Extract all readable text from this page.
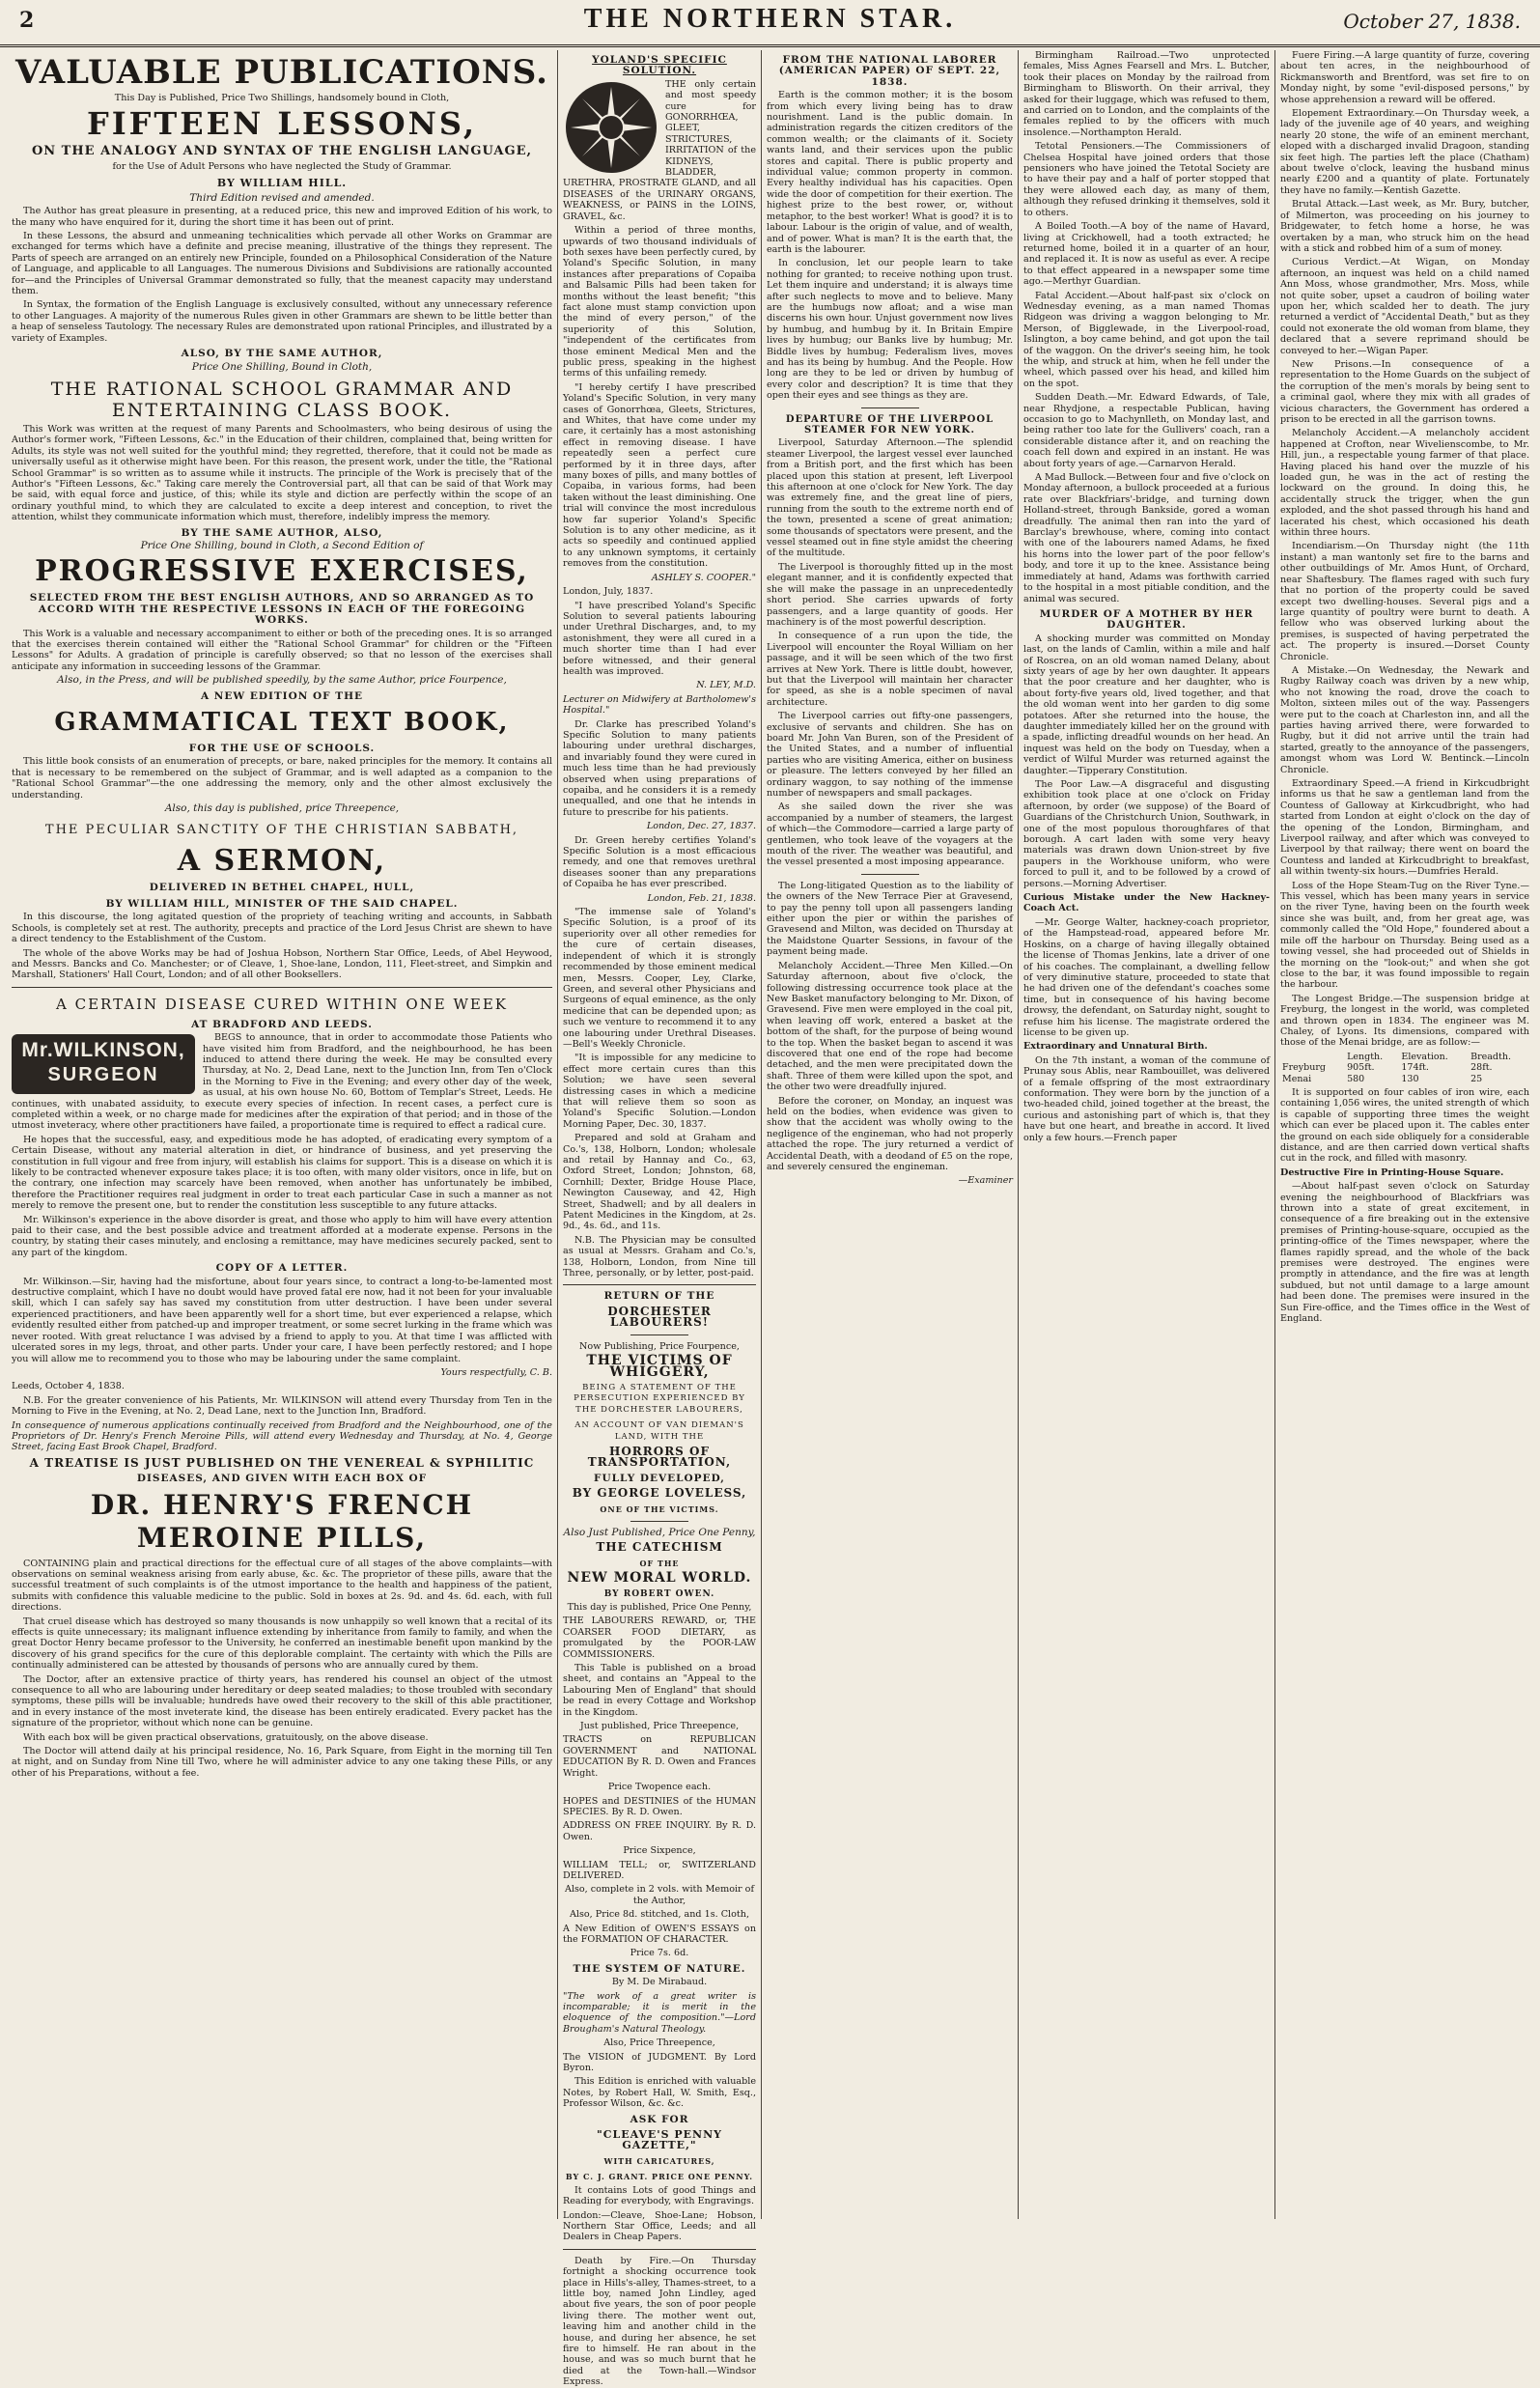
2	THE NORTHERN STAR.	October 27, 1838.
VALUABLE PUBLICATIONS.

This Day is Published, Price Two Shillings, handsomely bound in Cloth,

FIFTEEN LESSONS,
ON THE ANALOGY AND SYNTAX OF THE ENGLISH LANGUAGE,

for the Use of Adult Persons who have neglected the Study of Grammar.

BY WILLIAM HILL.
Third Edition revised and amended.

The Author has great pleasure in presenting, at a reduced price, this new and improved Edition of his work, to the many who have enquired for it, during the short time it has been out of print.

In these Lessons, the absurd and unmeaning technicalities which pervade all other Works on Grammar are exchanged for terms which have a definite and precise meaning, illustrative of the things they represent. The Parts of speech are arranged on an entirely new Principle, founded on a Philosophical Consideration of the Nature of Language, and applicable to all Languages. The numerous Divisions and Subdivisions are rationally accounted for—and the Principles of Universal Grammar demonstrated so fully, that the meanest capacity may understand them.

In Syntax, the formation of the English Language is exclusively consulted, without any unnecessary reference to other Languages. A majority of the numerous Rules given in other Grammars are shewn to be little better than a heap of senseless Tautology. The necessary Rules are demonstrated upon rational Principles, and illustrated by a variety of Examples.

ALSO, BY THE SAME AUTHOR,
Price One Shilling, Bound in Cloth,
THE RATIONAL SCHOOL GRAMMAR AND ENTERTAINING CLASS BOOK.

This Work was written at the request of many Parents and Schoolmasters, who being desirous of using the Author's former work, "Fifteen Lessons, &c." in the Education of their children, complained that, being written for Adults, its style was not well suited for the youthful mind; they regretted, therefore, that it could not be made as universally useful as it otherwise might have been. For this reason, the present work, under the title, the "Rational School Grammar" is so written as to assume while it instructs. The principle of the Work is precisely that of the Author's "Fifteen Lessons, &c." Taking care merely the Controversial part, all that can be said of that Work may be said, with equal force and justice, of this; while its style and diction are perfectly within the scope of an ordinary youthful mind, to which they are calculated to excite a deep interest and conception, to rivet the attention, whilst they communicate information which must, therefore, indelibly impress the memory.

BY THE SAME AUTHOR, ALSO,
Price One Shilling, bound in Cloth, a Second Edition of
PROGRESSIVE EXERCISES,
SELECTED FROM THE BEST ENGLISH AUTHORS, AND SO ARRANGED AS TO ACCORD WITH THE RESPECTIVE LESSONS IN EACH OF THE FOREGOING WORKS.

This Work is a valuable and necessary accompaniment to either or both of the preceding ones. It is so arranged that the exercises therein contained will either the "Rational School Grammar" for children or the "Fifteen Lessons" for Adults. A gradation of principle is carefully observed; so that no lesson of the exercises shall anticipate any information in succeeding lessons of the Grammar.

Also, in the Press, and will be published speedily, by the same Author, price Fourpence,
A NEW EDITION OF THE
GRAMMATICAL TEXT BOOK,
FOR THE USE OF SCHOOLS.

This little book consists of an enumeration of precepts, or bare, naked principles for the memory. It contains all that is necessary to be remembered on the subject of Grammar, and is well adapted as a companion to the "Rational School Grammar"—the one addressing the memory, only and the other almost exclusively the understanding.

Also, this day is published, price Threepence,
THE PECULIAR SANCTITY OF THE CHRISTIAN SABBATH,
A SERMON,
DELIVERED IN BETHEL CHAPEL, HULL,
BY WILLIAM HILL, MINISTER OF THE SAID CHAPEL.

In this discourse, the long agitated question of the propriety of teaching writing and accounts, in Sabbath Schools, is completely set at rest. The authority, precepts and practice of the Lord Jesus Christ are shewn to have a direct tendency to the Establishment of the Custom.

The whole of the above Works may be had of Joshua Hobson, Northern Star Office, Leeds, of Abel Heywood, and Messrs. Bancks and Co. Manchester; or of Cleave, 1, Shoe-lane, London, 111, Fleet-street, and Simpkin and Marshall, Stationers' Hall Court, London; and of all other Booksellers.

A CERTAIN DISEASE CURED WITHIN ONE WEEK
AT BRADFORD AND LEEDS.
Mr.WILKINSON,
SURGEON

BEGS to announce, that in order to accommodate those Patients who have visited him from Bradford, and the neighbourhood, he has been induced to attend there during the week. He may be consulted every Thursday, at No. 2, Dead Lane, next to the Junction Inn, from Ten o'Clock in the Morning to Five in the Evening; and every other day of the week, as usual, at his own house No. 60, Bottom of Templar's Street, Leeds. He continues, with unabated assiduity, to execute every species of infection. In recent cases, a perfect cure is completed within a week, or no charge made for medicines after the expiration of that period; and in those of the utmost inveteracy, where other practitioners have failed, a proportionate time is required to effect a radical cure.

He hopes that the successful, easy, and expeditious mode he has adopted, of eradicating every symptom of a Certain Disease, without any material alteration in diet, or hindrance of business, and yet preserving the constitution in full vigour and free from injury, will establish his claims for support. This is a disease on which it is likely to be contracted whenever exposure takes place; it is too often, with many older visitors, once in life, but on the contrary, one infection may scarcely have been removed, when another has unfortunately be imbibed, therefore the Practitioner requires real judgment in order to treat each particular Case in such a manner as not merely to remove the present one, but to render the constitution less susceptible to any future attacks.

Mr. Wilkinson's experience in the above disorder is great, and those who apply to him will have every attention paid to their case, and the best possible advice and treatment afforded at a moderate expense. Persons in the country, by stating their cases minutely, and enclosing a remittance, may have medicines securely packed, sent to any part of the kingdom.

COPY OF A LETTER.

Mr. Wilkinson.—Sir, having had the misfortune, about four years since, to contract a long-to-be-lamented most destructive complaint, which I have no doubt would have proved fatal ere now, had it not been for your invaluable skill, which I can safely say has saved my constitution from utter destruction. I have been under several experienced practitioners, and have been apparently well for a short time, but ever experienced a relapse, which evidently resulted either from patched-up and improper treatment, or some secret lurking in the frame which was never rooted. With great reluctance I was advised by a friend to apply to you. At that time I was afflicted with ulcerated sores in my legs, throat, and other parts. Under your care, I have been perfectly restored; and I hope you will allow me to recommend you to those who may be labouring under the same complaint.

Yours respectfully, C. B.

Leeds, October 4, 1838.

N.B. For the greater convenience of his Patients, Mr. WILKINSON will attend every Thursday from Ten in the Morning to Five in the Evening, at No. 2, Dead Lane, next to the Junction Inn, Bradford.

In consequence of numerous applications continually received from Bradford and the Neighbourhood, one of the Proprietors of Dr. Henry's French Meroine Pills, will attend every Wednesday and Thursday, at No. 4, George Street, facing East Brook Chapel, Bradford.

A TREATISE IS JUST PUBLISHED ON THE VENEREAL & SYPHILITIC
DISEASES, AND GIVEN WITH EACH BOX OF
DR. HENRY'S FRENCH MEROINE PILLS,

CONTAINING plain and practical directions for the effectual cure of all stages of the above complaints—with observations on seminal weakness arising from early abuse, &c. &c. The proprietor of these pills, aware that the successful treatment of such complaints is of the utmost importance to the health and happiness of the patient, submits with confidence this valuable medicine to the public. Sold in boxes at 2s. 9d. and 4s. 6d. each, with full directions.

That cruel disease which has destroyed so many thousands is now unhappily so well known that a recital of its effects is quite unnecessary; its malignant influence extending by inheritance from family to family, and when the great Doctor Henry became professor to the University, he conferred an inestimable benefit upon mankind by the discovery of his grand specifics for the cure of this deplorable complaint. The certainty with which the Pills are continually administered can be attested by thousands of persons who are annually cured by them.

The Doctor, after an extensive practice of thirty years, has rendered his counsel an object of the utmost consequence to all who are labouring under hereditary or deep seated maladies; to those troubled with secondary symptoms, these pills will be invaluable; hundreds have owed their recovery to the skill of this able practitioner, and in every instance of the most inveterate kind, the disease has been entirely eradicated. Every packet has the signature of the proprietor, without which none can be genuine.

With each box will be given practical observations, gratuitously, on the above disease.

The Doctor will attend daily at his principal residence, No. 16, Park Square, from Eight in the morning till Ten at night, and on Sunday from Nine till Two, where he will administer advice to any one taking these Pills, or any other of his Preparations, without a fee.

YOLAND'S SPECIFIC SOLUTION.

THE only certain and most speedy cure for GONORRHŒA, GLEET, STRICTURES, IRRITATION of the KIDNEYS, BLADDER, URETHRA, PROSTRATE GLAND, and all DISEASES of the URINARY ORGANS, WEAKNESS, or PAINS in the LOINS, GRAVEL, &c.

Within a period of three months, upwards of two thousand individuals of both sexes have been perfectly cured, by Yoland's Specific Solution, in many instances after preparations of Copaiba and Balsamic Pills had been taken for months without the least benefit; "this fact alone must stamp conviction upon the mind of every person," of the superiority of this Solution, "independent of the certificates from those eminent Medical Men and the public press, speaking in the highest terms of this unfailing remedy.

"I hereby certify I have prescribed Yoland's Specific Solution, in very many cases of Gonorrhœa, Gleets, Strictures, and Whites, that have come under my care, it certainly has a most astonishing effect in removing disease. I have repeatedly seen a perfect cure performed by it in three days, after many boxes of pills, and many bottles of Copaiba, in various forms, had been taken without the least diminishing. One trial will convince the most incredulous how far superior Yoland's Specific Solution is to any other medicine, as it acts so speedily and continued applied to any unknown symptoms, it certainly removes from the constitution.

ASHLEY S. COOPER."

London, July, 1837.

"I have prescribed Yoland's Specific Solution to several patients labouring under Urethral Discharges, and, to my astonishment, they were all cured in a much shorter time than I had ever before witnessed, and their general health was improved.

N. LEY, M.D.

Lecturer on Midwifery at Bartholomew's Hospital."

Dr. Clarke has prescribed Yoland's Specific Solution to many patients labouring under urethral discharges, and invariably found they were cured in much less time than he had previously observed when using preparations of copaiba, and he considers it is a remedy unequalled, and one that he intends in future to prescribe for his patients.

London, Dec. 27, 1837.

Dr. Green hereby certifies Yoland's Specific Solution is a most efficacious remedy, and one that removes urethral diseases sooner than any preparations of Copaiba he has ever prescribed.

London, Feb. 21, 1838.

"The immense sale of Yoland's Specific Solution, is a proof of its superiority over all other remedies for the cure of certain diseases, independent of which it is strongly recommended by those eminent medical men, Messrs. Cooper, Ley, Clarke, Green, and several other Physicians and Surgeons of equal eminence, as the only medicine that can be depended upon; as such we venture to recommend it to any one labouring under Urethral Diseases.—Bell's Weekly Chronicle.

"It is impossible for any medicine to effect more certain cures than this Solution; we have seen several distressing cases in which a medicine that will relieve them so soon as Yoland's Specific Solution.—London Morning Paper, Dec. 30, 1837.

Prepared and sold at Graham and Co.'s, 138, Holborn, London; wholesale and retail by Hannay and Co., 63, Oxford Street, London; Johnston, 68, Cornhill; Dexter, Bridge House Place, Newington Causeway, and 42, High Street, Shadwell; and by all dealers in Patent Medicines in the Kingdom, at 2s. 9d., 4s. 6d., and 11s.

N.B. The Physician may be consulted as usual at Messrs. Graham and Co.'s, 138, Holborn, London, from Nine till Three, personally, or by letter, post-paid.

RETURN OF THE
DORCHESTER LABOURERS!

Now Publishing, Price Fourpence,

THE VICTIMS OF WHIGGERY,
BEING A STATEMENT OF THE PERSECUTION EXPERIENCED BY THE DORCHESTER LABOURERS,
AN ACCOUNT OF VAN DIEMAN'S LAND, WITH THE
HORRORS OF TRANSPORTATION,
FULLY DEVELOPED,
BY GEORGE LOVELESS,
ONE OF THE VICTIMS.
Also Just Published, Price One Penny,
THE CATECHISM
OF THE
NEW MORAL WORLD.
BY ROBERT OWEN.

This day is published, Price One Penny,

THE LABOURERS REWARD, or, THE COARSER FOOD DIETARY, as promulgated by the POOR-LAW COMMISSIONERS.

This Table is published on a broad sheet, and contains an "Appeal to the Labouring Men of England" that should be read in every Cottage and Workshop in the Kingdom.

Just published, Price Threepence,

TRACTS on REPUBLICAN GOVERNMENT and NATIONAL EDUCATION By R. D. Owen and Frances Wright.

Price Twopence each.

HOPES and DESTINIES of the HUMAN SPECIES. By R. D. Owen.

ADDRESS ON FREE INQUIRY. By R. D. Owen.

Price Sixpence,

WILLIAM TELL; or, SWITZERLAND DELIVERED.

Also, complete in 2 vols. with Memoir of the Author,

Also, Price 8d. stitched, and 1s. Cloth,

A New Edition of OWEN'S ESSAYS on the FORMATION OF CHARACTER.

Price 7s. 6d.

THE SYSTEM OF NATURE.

By M. De Mirabaud.

"The work of a great writer is incomparable; it is merit in the eloquence of the composition."—Lord Brougham's Natural Theology.

Also, Price Threepence,

The VISION of JUDGMENT. By Lord Byron.

This Edition is enriched with valuable Notes, by Robert Hall, W. Smith, Esq., Professor Wilson, &c. &c.

ASK FOR
"CLEAVE'S PENNY GAZETTE,"
WITH CARICATURES,
BY C. J. GRANT. PRICE ONE PENNY.

It contains Lots of good Things and Reading for everybody, with Engravings.

London:—Cleave, Shoe-Lane; Hobson, Northern Star Office, Leeds; and all Dealers in Cheap Papers.

Death by Fire.—On Thursday fortnight a shocking occurrence took place in Hills's-alley, Thames-street, to a little boy, named John Lindley, aged about five years, the son of poor people living there. The mother went out, leaving him and another child in the house, and during her absence, he set fire to himself. He ran about in the house, and was so much burnt that he died at the Town-hall.—Windsor Express.

FROM THE NATIONAL LABORER (AMERICAN PAPER) OF SEPT. 22, 1838.

Earth is the common mother; it is the bosom from which every living being has to draw nourishment. Land is the public domain. In administration regards the citizen creditors of the common wealth; or the claimants of it. Society wants land, and their services upon the public stores and capital. There is public property and individual value; common property in common. Every healthy individual has his capacities. Open wide the door of competition for their exertion. The highest prize to the best rower, or, without metaphor, to the best worker! What is good? it is to labour. Labour is the origin of value, and of wealth, and of power. What is man? It is the earth that, the earth is the labourer.

In conclusion, let our people learn to take nothing for granted; to receive nothing upon trust. Let them inquire and understand; it is always time after such neglects to move and to believe. Many are the humbugs now afloat; and a wise man discerns his own hour. Unjust government now lives by humbug, and humbug by it. In Britain Empire lives by humbug; our Banks live by humbug; Mr. Biddle lives by humbug; Federalism lives, moves and has its being by humbug. And the People. How long are they to be led or driven by humbug of every color and description? It is time that they open their eyes and see things as they are.

DEPARTURE OF THE LIVERPOOL STEAMER FOR NEW YORK.

Liverpool, Saturday Afternoon.—The splendid steamer Liverpool, the largest vessel ever launched from a British port, and the first which has been placed upon this station at present, left Liverpool this afternoon at one o'clock for New York. The day was extremely fine, and the great line of piers, running from the south to the extreme north end of the town, presented a scene of great animation; some thousands of spectators were present, and the vessel steamed out in fine style amidst the cheering of the multitude.

The Liverpool is thoroughly fitted up in the most elegant manner, and it is confidently expected that she will make the passage in an unprecedentedly short period. She carries upwards of forty passengers, and a large quantity of goods. Her machinery is of the most powerful description.

In consequence of a run upon the tide, the Liverpool will encounter the Royal William on her passage, and it will be seen which of the two first arrives at New York. There is little doubt, however, but that the Liverpool will maintain her character for speed, as she is a noble specimen of naval architecture.

The Liverpool carries out fifty-one passengers, exclusive of servants and children. She has on board Mr. John Van Buren, son of the President of the United States, and a number of influential parties who are visiting America, either on business or pleasure. The letters conveyed by her filled an ordinary waggon, to say nothing of the immense number of newspapers and small packages.

As she sailed down the river she was accompanied by a number of steamers, the largest of which—the Commodore—carried a large party of gentlemen, who took leave of the voyagers at the mouth of the river. The weather was beautiful, and the vessel presented a most imposing appearance.

The Long-litigated Question as to the liability of the owners of the New Terrace Pier at Gravesend, to pay the penny toll upon all passengers landing either upon the pier or within the parishes of Gravesend and Milton, was decided on Thursday at the Maidstone Quarter Sessions, in favour of the payment being made.

Melancholy Accident.—Three Men Killed.—On Saturday afternoon, about five o'clock, the following distressing occurrence took place at the New Basket manufactory belonging to Mr. Dixon, of Gravesend. Five men were employed in the coal pit, when leaving off work, entered a basket at the bottom of the shaft, for the purpose of being wound to the top. When the basket began to ascend it was discovered that one end of the rope had become detached, and the men were precipitated down the shaft. Three of them were killed upon the spot, and the other two were dreadfully injured.

Before the coroner, on Monday, an inquest was held on the bodies, when evidence was given to show that the accident was wholly owing to the negligence of the engineman, who had not properly attached the rope. The jury returned a verdict of Accidental Death, with a deodand of £5 on the rope, and severely censured the engineman.

—Examiner

Birmingham Railroad.—Two unprotected females, Miss Agnes Fearsell and Mrs. L. Butcher, took their places on Monday by the railroad from Birmingham to Blisworth. On their arrival, they asked for their luggage, which was refused to them, and carried on to London, and the complaints of the females replied to by the officers with much insolence.—Northampton Herald.

Tetotal Pensioners.—The Commissioners of Chelsea Hospital have joined orders that those pensioners who have joined the Tetotal Society are to have their pay and a half of porter stopped that they were allowed each day, as many of them, although they refused drinking it themselves, sold it to others.

A Boiled Tooth.—A boy of the name of Havard, living at Crickhowell, had a tooth extracted; he returned home, boiled it in a quarter of an hour, and replaced it. It is now as useful as ever. A recipe to that effect appeared in a newspaper some time ago.—Merthyr Guardian.

Fatal Accident.—About half-past six o'clock on Wednesday evening, as a man named Thomas Ridgeon was driving a waggon belonging to Mr. Merson, of Bigglewade, in the Liverpool-road, Islington, a boy came behind, and got upon the tail of the waggon. On the driver's seeing him, he took the whip, and struck at him, when he fell under the wheel, which passed over his head, and killed him on the spot.

Sudden Death.—Mr. Edward Edwards, of Tale, near Rhydjone, a respectable Publican, having occasion to go to Machynlleth, on Monday last, and being rather too late for the Gullivers' coach, ran a considerable distance after it, and on reaching the coach fell down and expired in an instant. He was about forty years of age.—Carnarvon Herald.

A Mad Bullock.—Between four and five o'clock on Monday afternoon, a bullock proceeded at a furious rate over Blackfriars'-bridge, and turning down Holland-street, through Bankside, gored a woman dreadfully. The animal then ran into the yard of Barclay's brewhouse, where, coming into contact with one of the labourers named Adams, he fixed his horns into the lower part of the poor fellow's body, and tore it up to the knee. Assistance being immediately at hand, Adams was forthwith carried to the hospital in a most pitiable condition, and the animal was secured.

MURDER OF A MOTHER BY HER DAUGHTER.

A shocking murder was committed on Monday last, on the lands of Camlin, within a mile and half of Roscrea, on an old woman named Delany, about sixty years of age by her own daughter. It appears that the poor creature and her daughter, who is about forty-five years old, lived together, and that the old woman went into her garden to dig some potatoes. After she returned into the house, the daughter immediately killed her on the ground with a spade, inflicting dreadful wounds on her head. An inquest was held on the body on Tuesday, when a verdict of Wilful Murder was returned against the daughter.—Tipperary Constitution.

The Poor Law.—A disgraceful and disgusting exhibition took place at one o'clock on Friday afternoon, by order (we suppose) of the Board of Guardians of the Christchurch Union, Southwark, in one of the most populous thoroughfares of that borough. A cart laden with some very heavy materials was drawn down Union-street by five paupers in the Workhouse uniform, who were forced to pull it, and to be followed by a crowd of persons.—Morning Advertiser.

Curious Mistake under the New Hackney-Coach Act.

—Mr. George Walter, hackney-coach proprietor, of the Hampstead-road, appeared before Mr. Hoskins, on a charge of having illegally obtained the license of Thomas Jenkins, late a driver of one of his coaches. The complainant, a dwelling fellow of very diminutive stature, proceeded to state that he had driven one of the defendant's coaches some time, but in consequence of his having become drowsy, the defendant, on Saturday night, sought to refuse him his license. The magistrate ordered the license to be given up.

Extraordinary and Unnatural Birth.

On the 7th instant, a woman of the commune of Prunay sous Ablis, near Rambouillet, was delivered of a female offspring of the most extraordinary conformation. They were born by the junction of a two-headed child, joined together at the breast, the curious and astonishing part of which is, that they have but one heart, and breathe in accord. It lived only a few hours.—French paper

Fuere Firing.—A large quantity of furze, covering about ten acres, in the neighbourhood of Rickmansworth and Brentford, was set fire to on Monday night, by some "evil-disposed persons," by whose apprehension a reward will be offered.

Elopement Extraordinary.—On Thursday week, a lady of the juvenile age of 40 years, and weighing nearly 20 stone, the wife of an eminent merchant, eloped with a discharged invalid Dragoon, standing six feet high. The parties left the place (Chatham) about twelve o'clock, leaving the husband minus nearly £200 and a quantity of plate. Fortunately they have no family.—Kentish Gazette.

Brutal Attack.—Last week, as Mr. Bury, butcher, of Milmerton, was proceeding on his journey to Bridgewater, to fetch home a horse, he was overtaken by a man, who struck him on the head with a stick and robbed him of a sum of money.

Curious Verdict.—At Wigan, on Monday afternoon, an inquest was held on a child named Ann Moss, whose grandmother, Mrs. Moss, while not quite sober, upset a caudron of boiling water upon her, which scalded her to death. The jury returned a verdict of "Accidental Death," but as they could not exonerate the old woman from blame, they declared that a severe reprimand should be conveyed to her.—Wigan Paper.

New Prisons.—In consequence of a representation to the Home Guards on the subject of the corruption of the men's morals by being sent to a criminal gaol, where they mix with all grades of vicious characters, the Government has ordered a prison to be erected in all the garrison towns.

Melancholy Accident.—A melancholy accident happened at Crofton, near Wivelienscombe, to Mr. Hill, jun., a respectable young farmer of that place. Having placed his hand over the muzzle of his loaded gun, he was in the act of resting the lockward on the ground. In doing this, he accidentally struck the trigger, when the gun exploded, and the shot passed through his hand and lacerated his chest, which occasioned his death within three hours.

Incendiarism.—On Thursday night (the 11th instant) a man wantonly set fire to the barns and other outbuildings of Mr. Amos Hunt, of Orchard, near Shaftesbury. The flames raged with such fury that no portion of the property could be saved except two dwelling-houses. Several pigs and a large quantity of poultry were burnt to death. A fellow who was observed lurking about the premises, is suspected of having perpetrated the act. The property is insured.—Dorset County Chronicle.

A Mistake.—On Wednesday, the Newark and Rugby Railway coach was driven by a new whip, who not knowing the road, drove the coach to Molton, sixteen miles out of the way. Passengers were put to the coach at Charleston inn, and all the parties having arrived there, were forwarded to Rugby, but it did not arrive until the train had started, greatly to the annoyance of the passengers, amongst whom was Lord W. Bentinck.—Lincoln Chronicle.

Extraordinary Speed.—A friend in Kirkcudbright informs us that he saw a gentleman land from the Countess of Galloway at Kirkcudbright, who had started from London at eight o'clock on the day of the opening of the London, Birmingham, and Liverpool railway, and after which was conveyed to Liverpool by that railway; there went on board the Countess and landed at Kirkcudbright to breakfast, all within twenty-six hours.—Dumfries Herald.

Loss of the Hope Steam-Tug on the River Tyne.—This vessel, which has been many years in service on the river Tyne, having been on the fourth week since she was built, and, from her great age, was commonly called the "Old Hope," foundered about a mile off the harbour on Thursday. Being used as a towing vessel, she had proceeded out of Shields in the morning on the "look-out;" and when she got close to the bar, it was found impossible to regain the harbour.

The Longest Bridge.—The suspension bridge at Freyburg, the longest in the world, was completed and thrown open in 1834. The engineer was M. Chaley, of Lyons. Its dimensions, compared with those of the Menai bridge, are as follow:—

	Length.	Elevation.	Breadth.
Freyburg	905ft.	174ft.	28ft.
Menai	580	130	25

It is supported on four cables of iron wire, each containing 1,056 wires, the united strength of which is capable of supporting three times the weight which can ever be placed upon it. The cables enter the ground on each side obliquely for a considerable distance, and are then carried down vertical shafts cut in the rock, and filled with masonry.

Destructive Fire in Printing-House Square.

—About half-past seven o'clock on Saturday evening the neighbourhood of Blackfriars was thrown into a state of great excitement, in consequence of a fire breaking out in the extensive premises of Printing-house-square, occupied as the printing-office of the Times newspaper, where the flames rapidly spread, and the whole of the back premises were destroyed. The engines were promptly in attendance, and the fire was at length subdued, but not until damage to a large amount had been done. The premises were insured in the Sun Fire-office, and the Times office in the West of England.
